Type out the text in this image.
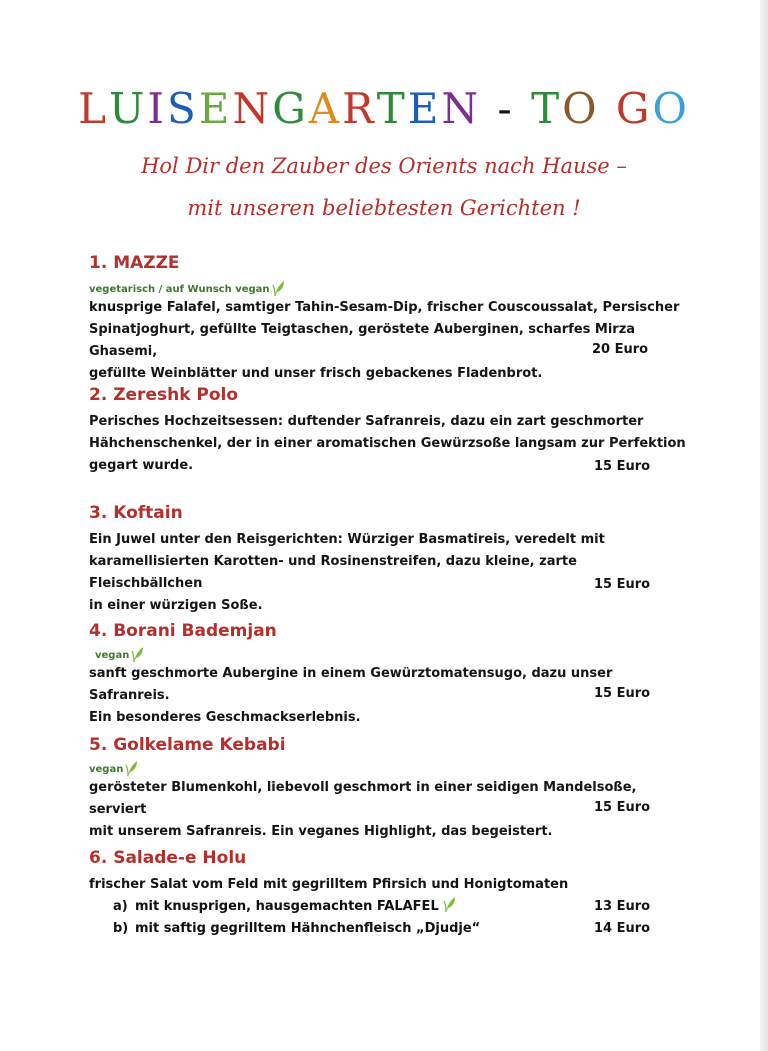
LUISENGARTEN - TO GO
Hol Dir den Zauber des Orients nach Hause –
mit unseren beliebtesten Gerichten !
1. MAZZE
vegetarisch / auf Wunsch vegan
knusprige Falafel, samtiger Tahin-Sesam-Dip, frischer Couscoussalat, Persischer
Spinatjoghurt, gefüllte Teigtaschen, geröstete Auberginen, scharfes Mirza Ghasemi,
gefüllte Weinblätter und unser frisch gebackenes Fladenbrot.
20 Euro
2. Zereshk Polo
Perisches Hochzeitsessen: duftender Safranreis, dazu ein zart geschmorter
Hähchenschenkel, der in einer aromatischen Gewürzsoße langsam zur Perfektion
gegart wurde.	15 Euro
3. Koftain
Ein Juwel unter den Reisgerichten: Würziger Basmatireis, veredelt mit
karamellisierten Karotten- und Rosinenstreifen, dazu kleine, zarte Fleischbällchen
in einer würzigen Soße.
15 Euro
4. Borani Bademjan
vegan
sanft geschmorte Aubergine in einem Gewürztomatensugo, dazu unser Safranreis.
Ein besonderes Geschmackserlebnis.
15 Euro
5. Golkelame Kebabi
vegan
gerösteter Blumenkohl, liebevoll geschmort in einer seidigen Mandelsoße, serviert
mit unserem Safranreis. Ein veganes Highlight, das begeistert.
15 Euro
6. Salade-e Holu
frischer Salat vom Feld mit gegrilltem Pfirsich und Honigtomaten
a) mit knusprigen, hausgemachten FALAFEL	13 Euro
b) mit saftig gegrilltem Hähnchenfleisch „Djudje“	14 Euro
